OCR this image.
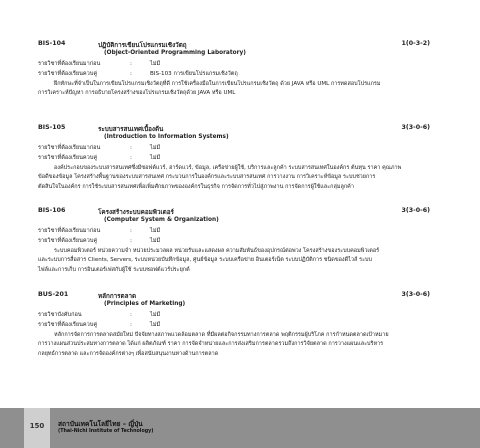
BIS-104	ปฏิบัติการเขียนโปรแกรมเชิงวัตถุ	1(0-3-2)
(Object-Oriented Programming Laboratory)
รายวิชาที่ต้องเรียนมาก่อน	:	ไม่มี
รายวิชาที่ต้องเรียนควบคู่	:	BIS-103 การเขียนโปรแกรมเชิงวัตถุ
ฝึกทักษะที่จำเป็นในการเขียนโปรแกรมเชิงวัตถุที่ดี การใช้เครื่องมือในการเขียนโปรแกรมเชิงวัตถุ ด้วย JAVA หรือ UML การทดสอบโปรแกรม
การวิเคราะห์ปัญหา การอธิบายโครงสร้างของโปรแกรมเชิงวัตถุด้วย JAVA หรือ UML
BIS-105	ระบบสารสนเทศเบื้องต้น	3(3-0-6)
(Introduction to Information Systems)
รายวิชาที่ต้องเรียนมาก่อน	:	ไม่มี
รายวิชาที่ต้องเรียนควบคู่	:	ไม่มี
องค์ประกอบของระบบสารสนเทศซึ่งมีซอฟต์แวร์, ฮาร์ดแวร์, ข้อมูล, เครือข่ายผู้ใช้, บริการและลูกค้า ระบบสารสนเทศในองค์กร ต้นทุน ราคา คุณภาพ
ข้อดีของข้อมูล โครงสร้างพื้นฐานของระบบสารสนเทศ กระบวนการในองค์กรและระบบสารสนเทศ การวางงาน การวิเคราะห์ข้อมูล ระบบช่วยการ
ตัดสินใจในองค์กร การใช้ระบบสารสนเทศเพื่อเพิ่มศักยภาพขององค์กรในธุรกิจ การจัดการทั่วไปสู่ภาพงาน การจัดการผู้ใช้และกลุ่มลูกค้า
BIS-106	โครงสร้างระบบคอมพิวเตอร์	3(3-0-6)
(Computer System & Organization)
รายวิชาที่ต้องเรียนมาก่อน	:	ไม่มี
รายวิชาที่ต้องเรียนควบคู่	:	ไม่มี
ระบบคอมพิวเตอร์ หน่วยความจำ หน่วยประมวลผล หน่วยรับและแสดงผล ความสัมพันธ์ของอุปกรณ์ต่อพ่วง โครงสร้างของระบบคอมพิวเตอร์
และระบบการสื่อสาร Clients, Servers, ระบบหน่วยบันทึกข้อมูล, ศูนย์ข้อมูล ระบบเครือข่าย อินเตอร์เน็ต ระบบปฏิบัติการ ชนิดของดีไวส์ ระบบ
ไฟล์และการเก็บ การอินเตอร์เฟสกับผู้ใช้ ระบบซอฟต์แวร์ประยุกต์
BUS-201	หลักการตลาด	3(3-0-6)
(Principles of Marketing)
รายวิชาบังคับก่อน	:	ไม่มี
รายวิชาที่ต้องเรียนควบคู่	:	ไม่มี
หลักการจัดการการตลาดสมัยใหม่ ปัจจัยทางสภาพแวดล้อมตลาด ที่มีผลต่อกิจกรรมทางการตลาด พฤติกรรมผู้บริโภค การกำหนดตลาดเป้าหมาย
การวางแผนส่วนประสมทางการตลาด ได้แก่ ผลิตภัณฑ์ ราคา การจัดจำหน่ายและการส่งเสริมการตลาดรวมถึงการวิจัยตลาด การวางแผนและบริหาร
กลยุทธ์การตลาด และการจัดองค์กรต่างๆ เพื่อสนับสนุนงานทางด้านการตลาด
150	สถาบันเทคโนโลยีไทย – ญี่ปุ่น
(Thai-Nichi Institute of Technology)
